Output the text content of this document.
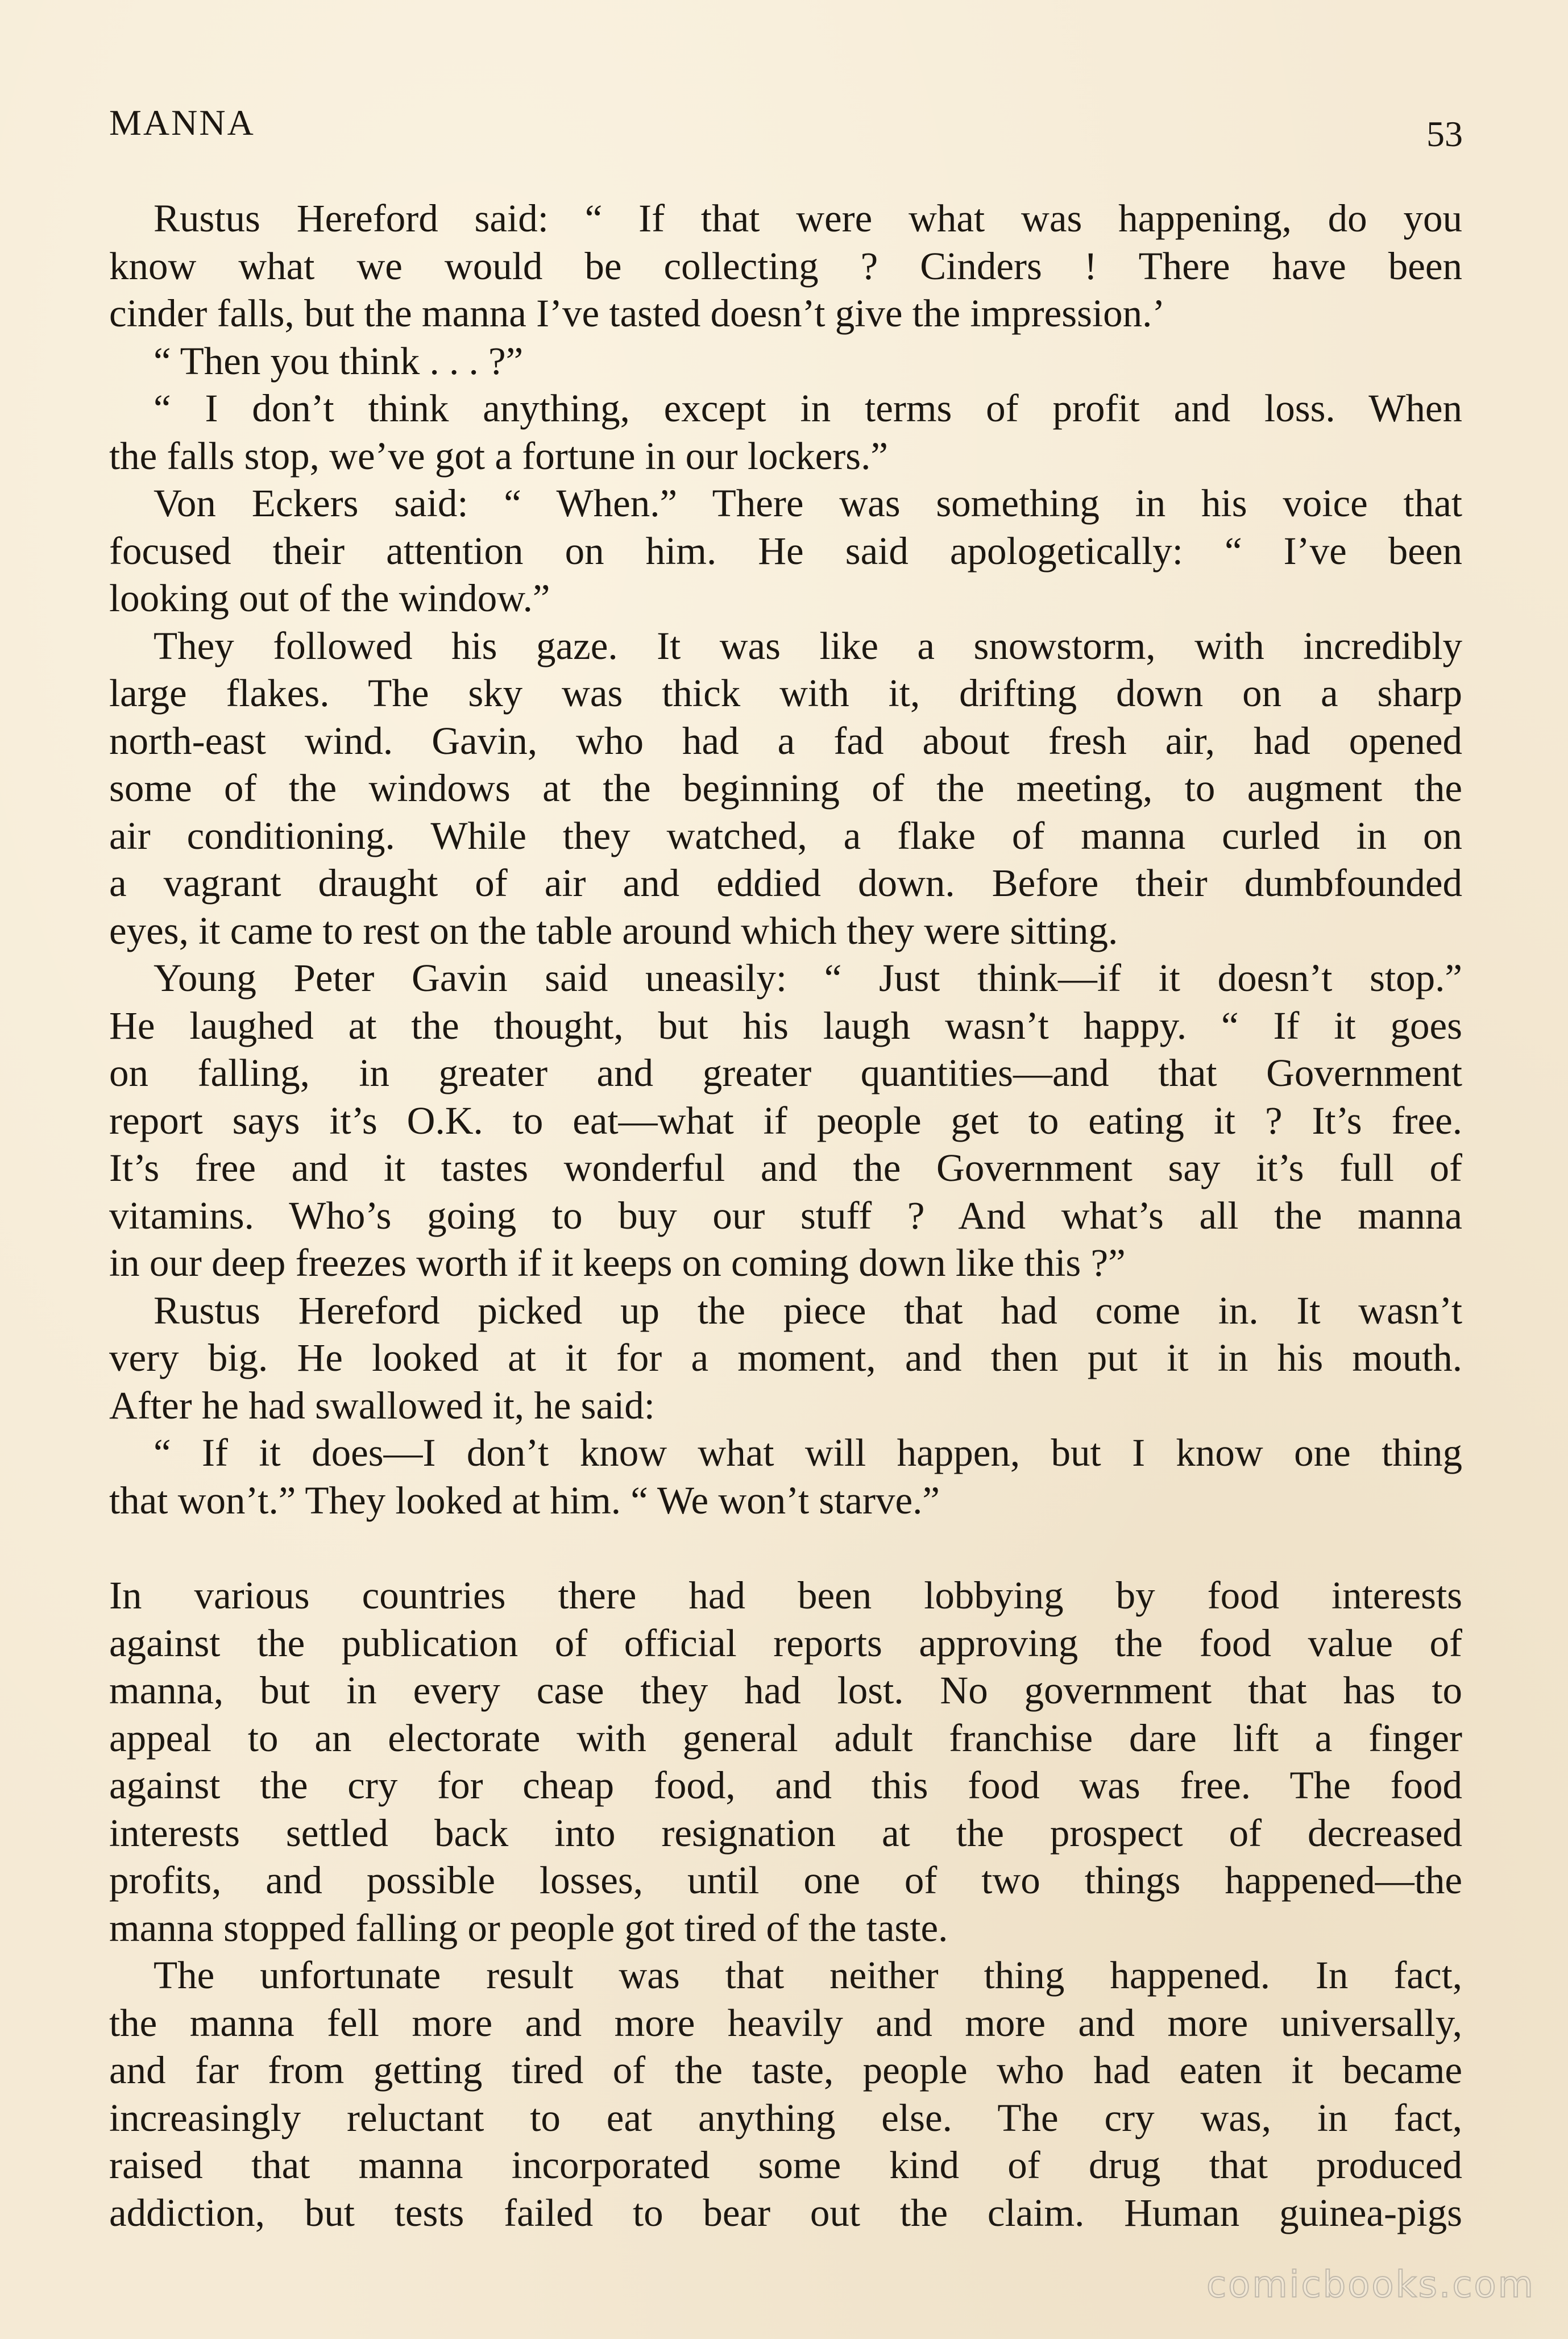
MANNA	53
Rustus Hereford said: “ If that were what was happening, do you
know what we would be collecting ? Cinders ! There have been
cinder falls, but the manna I’ve tasted doesn’t give the impression.’
“ Then you think . . . ?”
“ I don’t think anything, except in terms of profit and loss. When
the falls stop, we’ve got a fortune in our lockers.”
Von Eckers said: “ When.” There was something in his voice that
focused their attention on him. He said apologetically: “ I’ve been
looking out of the window.”
They followed his gaze. It was like a snowstorm, with incredibly
large flakes. The sky was thick with it, drifting down on a sharp
north-east wind. Gavin, who had a fad about fresh air, had opened
some of the windows at the beginning of the meeting, to augment the
air conditioning. While they watched, a flake of manna curled in on
a vagrant draught of air and eddied down. Before their dumbfounded
eyes, it came to rest on the table around which they were sitting.
Young Peter Gavin said uneasily: “ Just think—if it doesn’t stop.”
He laughed at the thought, but his laugh wasn’t happy. “ If it goes
on falling, in greater and greater quantities—and that Government
report says it’s O.K. to eat—what if people get to eating it ? It’s free.
It’s free and it tastes wonderful and the Government say it’s full of
vitamins. Who’s going to buy our stuff ? And what’s all the manna
in our deep freezes worth if it keeps on coming down like this ?”
Rustus Hereford picked up the piece that had come in. It wasn’t
very big. He looked at it for a moment, and then put it in his mouth.
After he had swallowed it, he said:
“ If it does—I don’t know what will happen, but I know one thing
that won’t.” They looked at him. “ We won’t starve.”
In various countries there had been lobbying by food interests
against the publication of official reports approving the food value of
manna, but in every case they had lost. No government that has to
appeal to an electorate with general adult franchise dare lift a finger
against the cry for cheap food, and this food was free. The food
interests settled back into resignation at the prospect of decreased
profits, and possible losses, until one of two things happened—the
manna stopped falling or people got tired of the taste.
The unfortunate result was that neither thing happened. In fact,
the manna fell more and more heavily and more and more universally,
and far from getting tired of the taste, people who had eaten it became
increasingly reluctant to eat anything else. The cry was, in fact,
raised that manna incorporated some kind of drug that produced
addiction, but tests failed to bear out the claim. Human guinea-pigs
comicbooks.com
